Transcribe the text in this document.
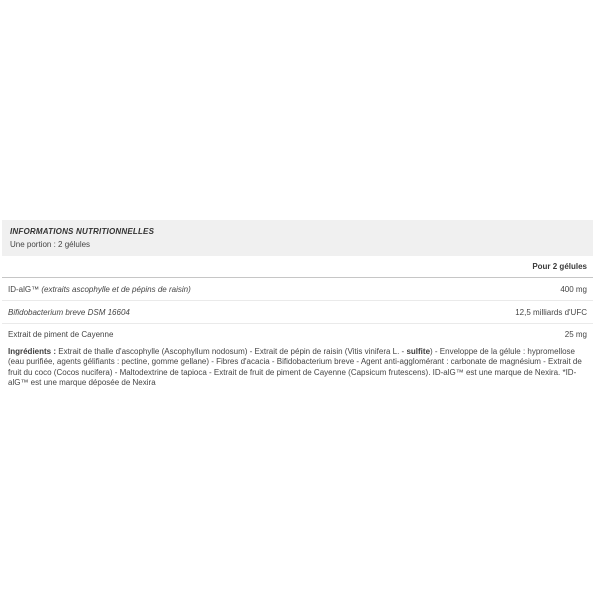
INFORMATIONS NUTRITIONNELLES
Une portion : 2 gélules
Pour 2 gélules
ID-alG™ (extraits ascophylle et de pépins de raisin)	400 mg
Bifidobacterium breve DSM 16604	12,5 milliards d'UFC
Extrait de piment de Cayenne	25 mg

Ingrédients : Extrait de thalle d'ascophylle (Ascophyllum nodosum) - Extrait de pépin de raisin (Vitis vinifera L. - sulfite) - Enveloppe de la gélule : hypromellose (eau purifiée, agents gélifiants : pectine, gomme gellane) - Fibres d'acacia - Bifidobacterium breve - Agent anti-agglomérant : carbonate de magnésium - Extrait de fruit du coco (Cocos nucifera) - Maltodextrine de tapioca - Extrait de fruit de piment de Cayenne (Capsicum frutescens). ID-alG™ est une marque de Nexira. *ID-alG™ est une marque déposée de Nexira
